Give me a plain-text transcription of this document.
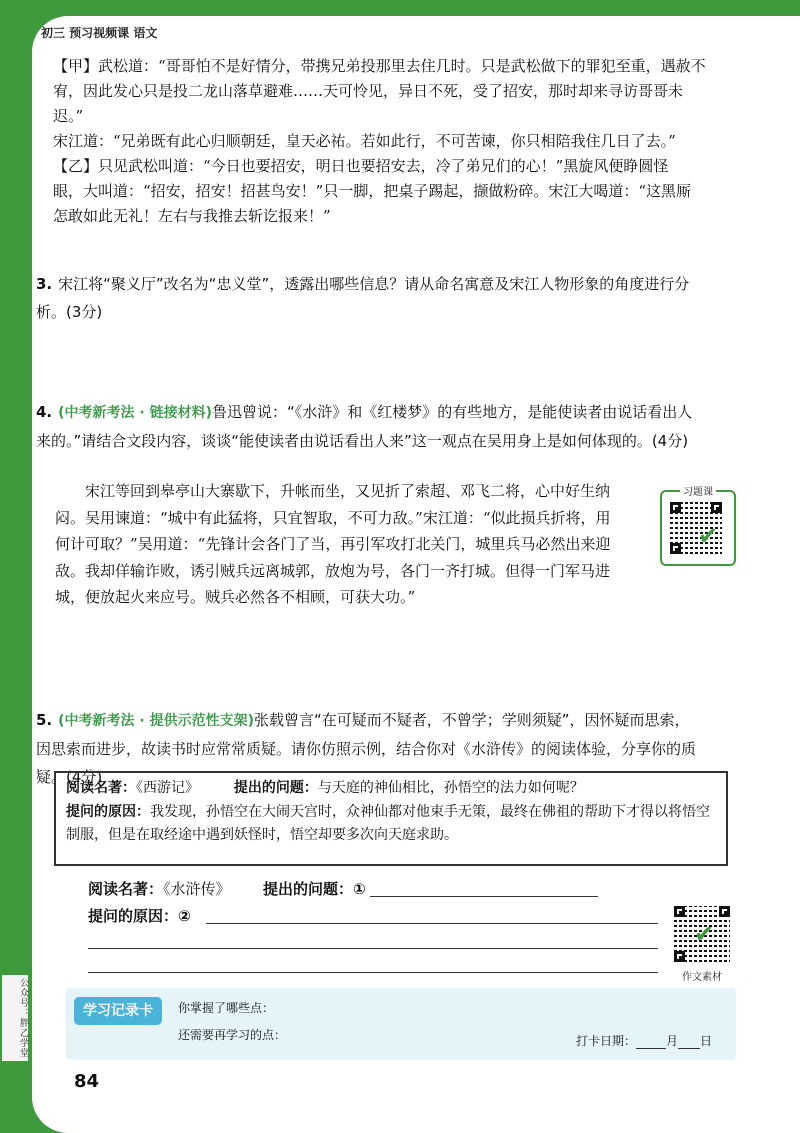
公众号：胖乙学堂
初三 预习视频课 语文

【甲】武松道：“哥哥怕不是好情分，带携兄弟投那里去住几时。只是武松做下的罪犯至重，遇赦不

宥，因此发心只是投二龙山落草避难……天可怜见，异日不死，受了招安，那时却来寻访哥哥未迟。”

宋江道：“兄弟既有此心归顺朝廷，皇天必祐。若如此行，不可苦谏，你只相陪我住几日了去。”

【乙】只见武松叫道：“今日也要招安，明日也要招安去，冷了弟兄们的心！”黑旋风便睁圆怪

眼，大叫道：“招安，招安！招甚鸟安！”只一脚，把桌子踢起，撷做粉碎。宋江大喝道：“这黑厮

怎敢如此无礼！左右与我推去斩讫报来！”

3. 宋江将“聚义厅”改名为“忠义堂”，透露出哪些信息？请从命名寓意及宋江人物形象的角度进行分析。(3分)
4. (中考新考法 · 链接材料)鲁迅曾说：“《水浒》和《红楼梦》的有些地方，是能使读者由说话看出人来的。”请结合文段内容，谈谈“能使读者由说话看出人来”这一观点在吴用身上是如何体现的。(4分)
宋江等回到皋亭山大寨歇下，升帐而坐，又见折了索超、邓飞二将，心中好生纳闷。吴用谏道：“城中有此猛将，只宜智取，不可力敌。”宋江道：“似此损兵折将，用何计可取？”吴用道：“先锋计会各门了当，再引军攻打北关门，城里兵马必然出来迎敌。我却佯输诈败，诱引贼兵远离城郭，放炮为号，各门一齐打城。但得一门军马进城，便放起火来应号。贼兵必然各不相顾，可获大功。”
习题课
✔
5. (中考新考法 · 提供示范性支架)张载曾言“在可疑而不疑者，不曾学；学则须疑”，因怀疑而思索，因思索而进步，故读书时应常常质疑。请你仿照示例，结合你对《水浒传》的阅读体验，分享你的质疑。(4分)
阅读名著：《西游记》 提出的问题：与天庭的神仙相比，孙悟空的法力如何呢？
提问的原因：我发现，孙悟空在大闹天宫时，众神仙都对他束手无策，最终在佛祖的帮助下才得以将悟空制服，但是在取经途中遇到妖怪时，悟空却要多次向天庭求助。
阅读名著：《水浒传》 提出的问题：①
提问的原因：②
✔
作文素材
学习记录卡	你掌握了哪些点：
还需要再学习的点：	打卡日期：	月 日
84
